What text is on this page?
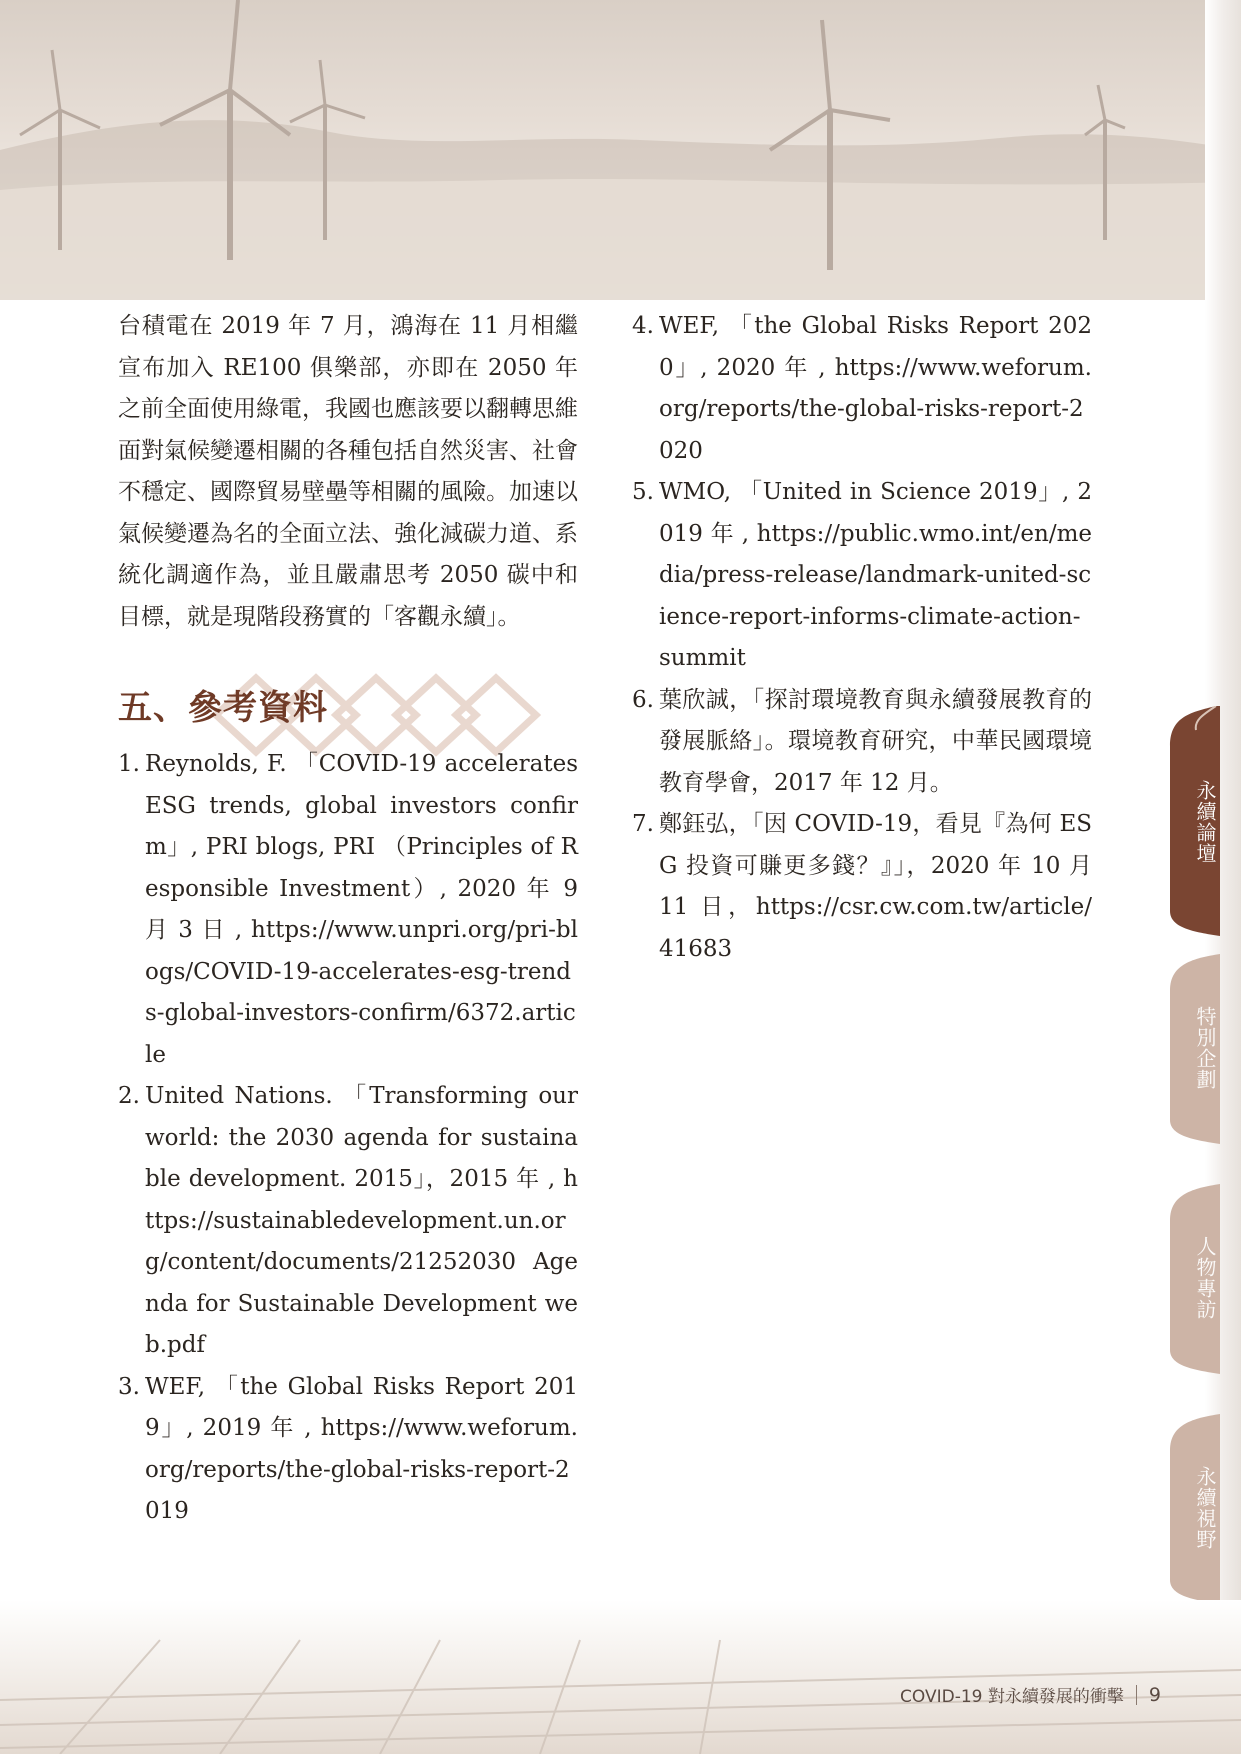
台積電在 2019 年 7 月，鴻海在 11 月相繼宣布加入 RE100 俱樂部，亦即在 2050 年之前全面使用綠電，我國也應該要以翻轉思維面對氣候變遷相關的各種包括自然災害、社會不穩定、國際貿易壁壘等相關的風險。加速以氣候變遷為名的全面立法、強化減碳力道、系統化調適作為，並且嚴肅思考 2050 碳中和目標，就是現階段務實的「客觀永續」。

五、參考資料
1. Reynolds, F. 「COVID-19 accelerates ESG trends, global investors confirm」, PRI blogs, PRI （Principles of Responsible Investment）, 2020 年 9 月 3 日 , https://www.unpri.org/pri-blogs/COVID-19-accelerates-esg-trends-global-investors-confirm/6372.article
2. United Nations. 「Transforming our world: the 2030 agenda for sustainable development. 2015」，2015 年 , https://sustainabledevelopment.un.org/content/documents/21252030 Agenda for Sustainable Development web.pdf
3. WEF, 「the Global Risks Report 2019」, 2019 年 , https://www.weforum.org/reports/the-global-risks-report-2019
4. WEF, 「the Global Risks Report 2020」, 2020 年 , https://www.weforum.org/reports/the-global-risks-report-2020
5. WMO, 「United in Science 2019」, 2019 年 , https://public.wmo.int/en/media/press-release/landmark-united-science-report-informs-climate-action-summit
6. 葉欣誠，「探討環境教育與永續發展教育的發展脈絡」。環境教育研究，中華民國環境教育學會，2017 年 12 月。
7. 鄭鈺弘，「因 COVID-19，看見『為何 ESG 投資可賺更多錢？』」，2020 年 10 月 11 日，https://csr.cw.com.tw/article/41683
永續論壇
特別企劃
人物專訪
永續視野
COVID-19 對永續發展的衝擊 9
